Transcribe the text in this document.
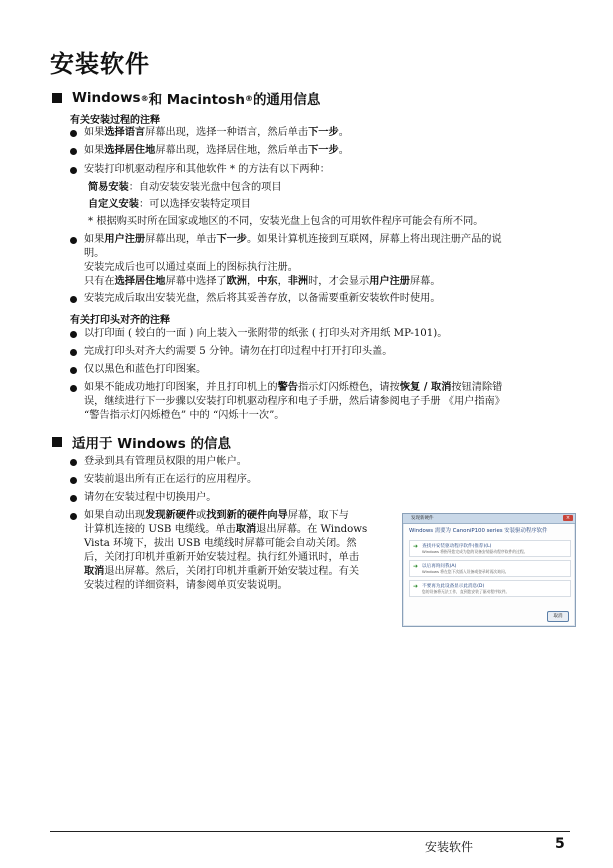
安装软件
Windows ® 和 Macintosh ® 的通用信息
有关安装过程的注释
如果选择语言屏幕出现，选择一种语言，然后单击下一步。
如果选择居住地屏幕出现，选择居住地，然后单击下一步。
安装打印机驱动程序和其他软件 * 的方法有以下两种：
简易安装：自动安装安装光盘中包含的项目
自定义安装：可以选择安装特定项目
* 根据购买时所在国家或地区的不同，安装光盘上包含的可用软件程序可能会有所不同。
如果用户注册屏幕出现，单击下一步。如果计算机连接到互联网，屏幕上将出现注册产品的说
明。
安装完成后也可以通过桌面上的图标执行注册。
只有在选择居住地屏幕中选择了欧洲，中东，非洲时，才会显示用户注册屏幕。
安装完成后取出安装光盘，然后将其妥善存放，以备需要重新安装软件时使用。
有关打印头对齐的注释
以打印面 ( 较白的一面 ) 向上装入一张附带的纸张 ( 打印头对齐用纸 MP-101)。
完成打印头对齐大约需要 5 分钟。请勿在打印过程中打开打印头盖。
仅以黑色和蓝色打印图案。
如果不能成功地打印图案，并且打印机上的警告指示灯闪烁橙色，请按恢复 / 取消按钮清除错
误，继续进行下一步骤以安装打印机驱动程序和电子手册，然后请参阅电子手册 《用户指南》
“警告指示灯闪烁橙色” 中的 “闪烁十一次”。
适用于 Windows 的信息
登录到具有管理员权限的用户帐户。
安装前退出所有正在运行的应用程序。
请勿在安装过程中切换用户。
如果自动出现发现新硬件或找到新的硬件向导屏幕，取下与
计算机连接的 USB 电缆线。单击取消退出屏幕。在 Windows
Vista 环境下，拔出 USB 电缆线时屏幕可能会自动关闭。然
后，关闭打印机并重新开始安装过程。执行红外通讯时，单击
取消退出屏幕。然后，关闭打印机并重新开始安装过程。有关
安装过程的详细资料，请参阅单页安装说明。
发现新硬件	×
Windows 需要为 CanoniP100 series 安装驱动程序软件
➜ 查找并安装驱动程序软件(推荐)(L)
Windows 将指导您完成为您的设备安装驱动程序软件的过程。
➜ 以后再询问我(A)
Windows 将在您下次插入设备或登录时再次询问。
➜ 不要再为此设备显示此消息(D)
您的设备将无法工作，直到您安装了驱动程序软件。
取消
安装软件	5
